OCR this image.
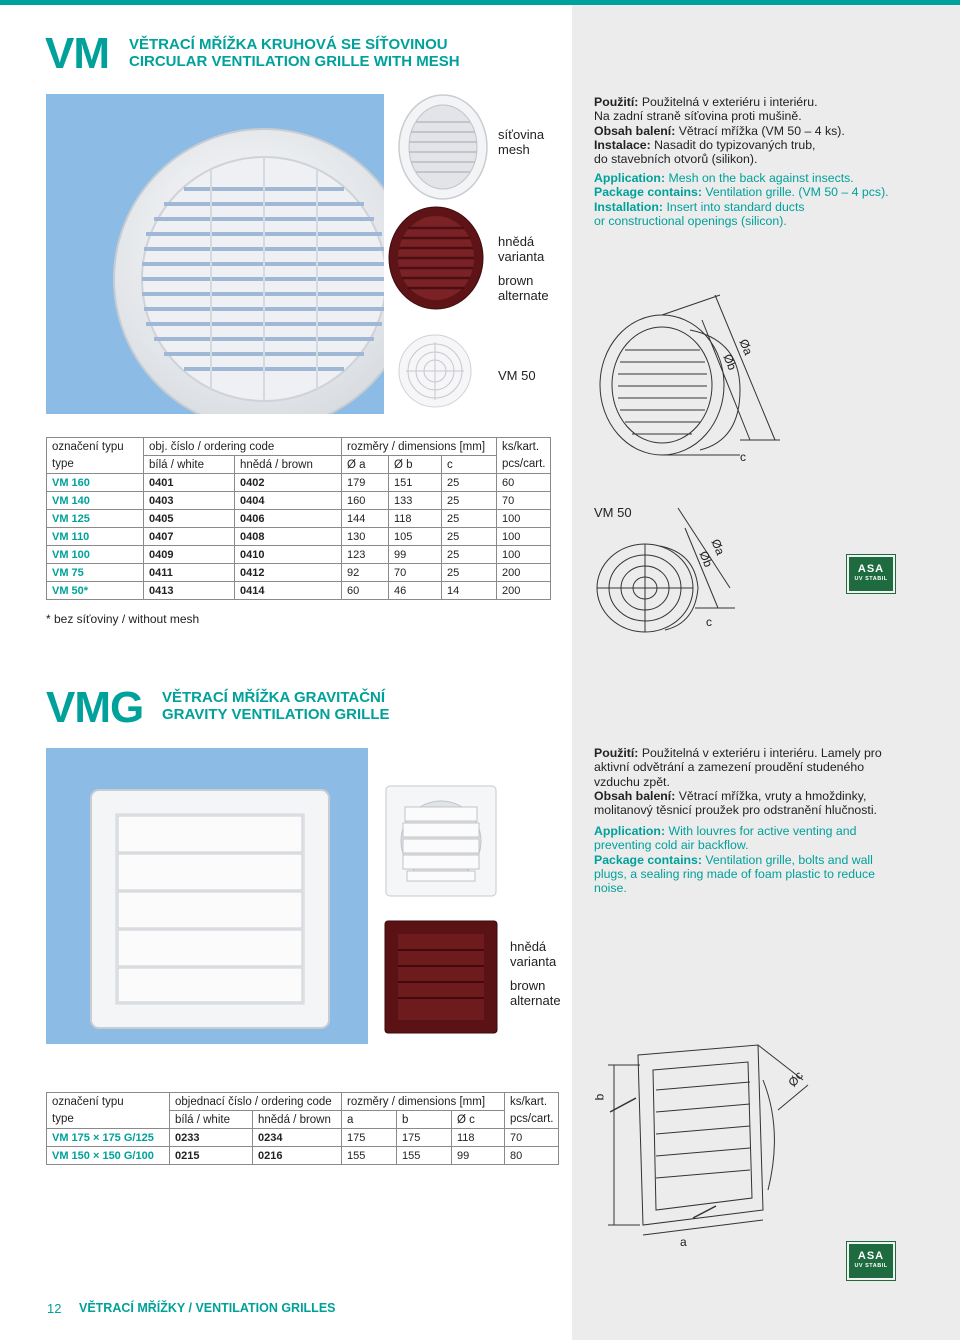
VM VĚTRACÍ MŘÍŽKA KRUHOVÁ SE SÍŤOVINOU
CIRCULAR VENTILATION GRILLE WITH MESH
síťovina
mesh
hnědá
varianta
brown
alternate
VM 50

Použití: Použitelná v exteriéru i interiéru.

Na zadní straně síťovina proti mušině.

Obsah balení: Větrací mřížka (VM 50 – 4 ks).

Instalace: Nasadit do typizovaných trub,

do stavebních otvorů (silikon).

Application: Mesh on the back against insects.

Package contains: Ventilation grille. (VM 50 – 4 pcs).

Installation: Insert into standard ducts

or constructional openings (silicon).

Øa
Øb
c
VM 50
Øa
Øb
c
ASA
UV STABIL
označení typu	obj. číslo / ordering code		rozměry / dimensions [mm]			ks/kart.
type	bílá / white	hnědá / brown	Ø a	Ø b	c	pcs/cart.
VM 160	0401	0402	179	151	25	60
VM 140	0403	0404	160	133	25	70
VM 125	0405	0406	144	118	25	100
VM 110	0407	0408	130	105	25	100
VM 100	0409	0410	123	99	25	100
VM 75	0411	0412	92	70	25	200
VM 50*	0413	0414	60	46	14	200
* bez síťoviny / without mesh
VMG VĚTRACÍ MŘÍŽKA GRAVITAČNÍ
GRAVITY VENTILATION GRILLE
hnědá
varianta
brown
alternate

Použití: Použitelná v exteriéru i interiéru. Lamely pro aktivní odvětrání a zamezení proudění studeného vzduchu zpět.

Obsah balení: Větrací mřížka, vruty a hmoždinky, molitanový těsnicí proužek pro odstranění hlučnosti.

Application: With louvres for active venting and preventing cold air backflow.

Package contains: Ventilation grille, bolts and wall plugs, a sealing ring made of foam plastic to reduce noise.

b
a
Øc
ASA
UV STABIL
označení typu	objednací číslo / ordering code		rozměry / dimensions [mm]			ks/kart.
type	bílá / white	hnědá / brown	a	b	Ø c	pcs/cart.
VM 175 × 175 G/125	0233	0234	175	175	118	70
VM 150 × 150 G/100	0215	0216	155	155	99	80
12 VĚTRACÍ MŘÍŽKY / VENTILATION GRILLES
